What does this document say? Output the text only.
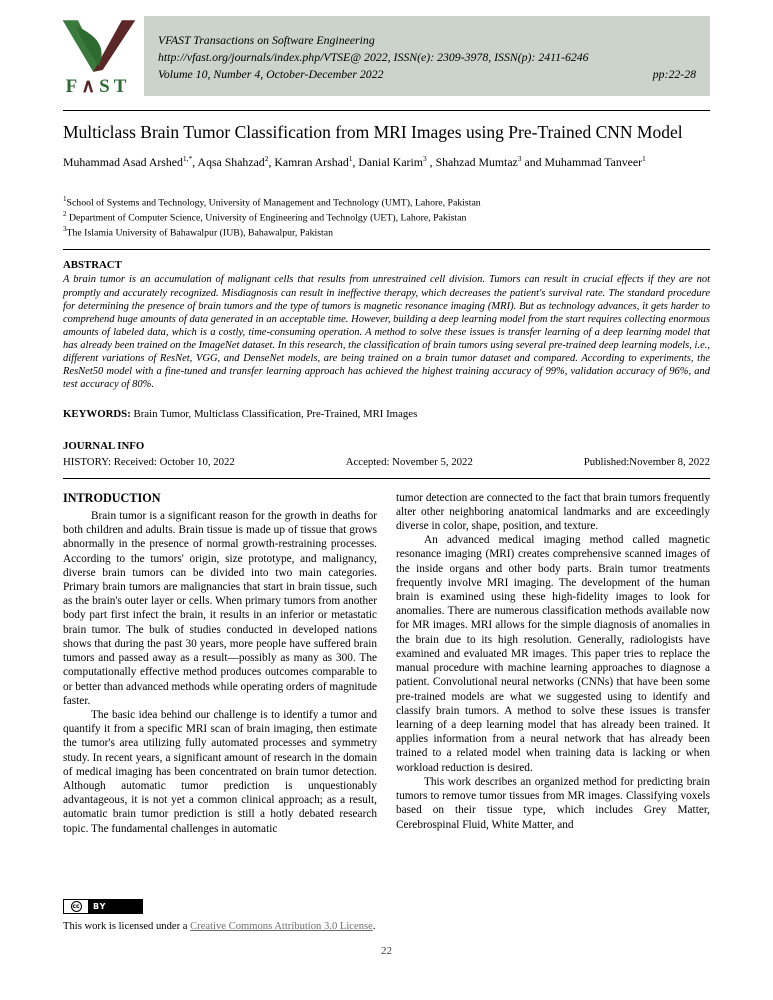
F∧ST
VFAST Transactions on Software Engineering
http://vfast.org/journals/index.php/VTSE@ 2022, ISSN(e): 2309-3978, ISSN(p): 2411-6246
Volume 10, Number 4, October-December 2022	pp:22-28
Multiclass Brain Tumor Classification from MRI Images using Pre-Trained CNN Model

Muhammad Asad Arshed$^{1,*}$, Aqsa Shahzad$^2$, Kamran Arshad$^1$, Danial Karim$^3$ , Shahzad Mumtaz$^3$ and Muhammad Tanveer$^1$

$^1$School of Systems and Technology, University of Management and Technology (UMT), Lahore, Pakistan
$^2$ Department of Computer Science, University of Engineering and Technolgy (UET), Lahore, Pakistan
$^3$The Islamia University of Bahawalpur (IUB), Bahawalpur, Pakistan
ABSTRACT

A brain tumor is an accumulation of malignant cells that results from unrestrained cell division. Tumors can result in crucial effects if they are not promptly and accurately recognized. Misdiagnosis can result in ineffective therapy, which decreases the patient's survival rate. The standard procedure for determining the presence of brain tumors and the type of tumors is magnetic resonance imaging (MRI). But as technology advances, it gets harder to comprehend huge amounts of data generated in an acceptable time. However, building a deep learning model from the start requires collecting enormous amounts of labeled data, which is a costly, time-consuming operation. A method to solve these issues is transfer learning of a deep learning model that has already been trained on the ImageNet dataset. In this research, the classification of brain tumors using several pre-trained deep learning models, i.e., different variations of ResNet, VGG, and DenseNet models, are being trained on a brain tumor dataset and compared. According to experiments, the ResNet50 model with a fine-tuned and transfer learning approach has achieved the highest training accuracy of 99%, validation accuracy of 96%, and test accuracy of 80%.

KEYWORDS: Brain Tumor, Multiclass Classification, Pre-Trained, MRI Images

JOURNAL INFO
HISTORY: Received: October 10, 2022	Accepted: November 5, 2022	Published:November 8, 2022
INTRODUCTION

Brain tumor is a significant reason for the growth in deaths for both children and adults. Brain tissue is made up of tissue that grows abnormally in the presence of normal growth-restraining processes. According to the tumors' origin, size prototype, and malignancy, diverse brain tumors can be divided into two main categories. Primary brain tumors are malignancies that start in brain tissue, such as the brain's outer layer or cells. When primary tumors from another body part first infect the brain, it results in an inferior or metastatic brain tumor. The bulk of studies conducted in developed nations shows that during the past 30 years, more people have suffered brain tumors and passed away as a result—possibly as many as 300. The computationally effective method produces outcomes comparable to or better than advanced methods while operating orders of magnitude faster.

The basic idea behind our challenge is to identify a tumor and quantify it from a specific MRI scan of brain imaging, then estimate the tumor's area utilizing fully automated processes and symmetry study. In recent years, a significant amount of research in the domain of medical imaging has been concentrated on brain tumor detection. Although automatic tumor prediction is unquestionably advantageous, it is not yet a common clinical approach; as a result, automatic brain tumor prediction is still a hotly debated research topic. The fundamental challenges in automatic

tumor detection are connected to the fact that brain tumors frequently alter other neighboring anatomical landmarks and are exceedingly diverse in color, shape, position, and texture.

An advanced medical imaging method called magnetic resonance imaging (MRI) creates comprehensive scanned images of the inside organs and other body parts. Brain tumor treatments frequently involve MRI imaging. The development of the human brain is examined using these high-fidelity images to look for anomalies. There are numerous classification methods available now for MR images. MRI allows for the simple diagnosis of anomalies in the brain due to its high resolution. Generally, radiologists have examined and evaluated MR images. This paper tries to replace the manual procedure with machine learning approaches to diagnose a patient. Convolutional neural networks (CNNs) that have been some pre-trained models are what we suggested using to identify and classify brain tumors. A method to solve these issues is transfer learning of a deep learning model that has already been trained. It applies information from a neural network that has already been trained to a related model when training data is lacking or when workload reduction is desired.

This work describes an organized method for predicting brain tumors to remove tumor tissues from MR images. Classifying voxels based on their tissue type, which includes Grey Matter, Cerebrospinal Fluid, White Matter, and

cc	BY

This work is licensed under a Creative Commons Attribution 3.0 License.

22
